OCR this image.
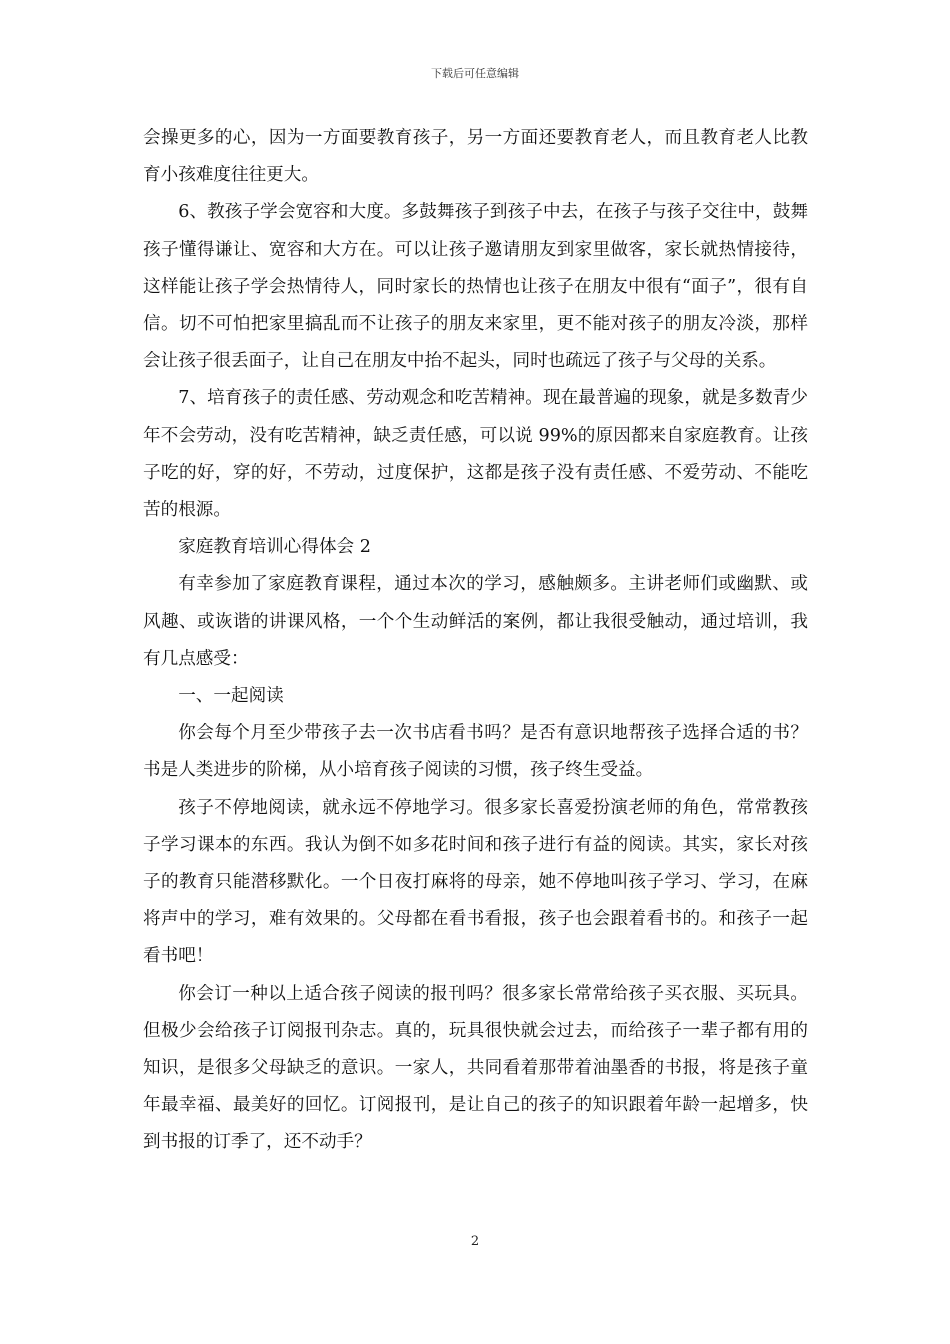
下载后可任意编辑

会操更多的心，因为一方面要教育孩子，另一方面还要教育老人，而且教育老人比教育小孩难度往往更大。

6、教孩子学会宽容和大度。多鼓舞孩子到孩子中去，在孩子与孩子交往中，鼓舞孩子懂得谦让、宽容和大方在。可以让孩子邀请朋友到家里做客，家长就热情接待，这样能让孩子学会热情待人，同时家长的热情也让孩子在朋友中很有“面子”，很有自信。切不可怕把家里搞乱而不让孩子的朋友来家里，更不能对孩子的朋友冷淡，那样会让孩子很丢面子，让自己在朋友中抬不起头，同时也疏远了孩子与父母的关系。

7、培育孩子的责任感、劳动观念和吃苦精神。现在最普遍的现象，就是多数青少年不会劳动，没有吃苦精神，缺乏责任感，可以说 99%的原因都来自家庭教育。让孩子吃的好，穿的好，不劳动，过度保护，这都是孩子没有责任感、不爱劳动、不能吃苦的根源。

家庭教育培训心得体会 2

有幸参加了家庭教育课程，通过本次的学习，感触颇多。主讲老师们或幽默、或风趣、或诙谐的讲课风格，一个个生动鲜活的案例，都让我很受触动，通过培训，我有几点感受：

一、一起阅读

你会每个月至少带孩子去一次书店看书吗？是否有意识地帮孩子选择合适的书？书是人类进步的阶梯，从小培育孩子阅读的习惯，孩子终生受益。

孩子不停地阅读，就永远不停地学习。很多家长喜爱扮演老师的角色，常常教孩子学习课本的东西。我认为倒不如多花时间和孩子进行有益的阅读。其实，家长对孩子的教育只能潜移默化。一个日夜打麻将的母亲，她不停地叫孩子学习、学习，在麻将声中的学习，难有效果的。父母都在看书看报，孩子也会跟着看书的。和孩子一起看书吧！

你会订一种以上适合孩子阅读的报刊吗？很多家长常常给孩子买衣服、买玩具。但极少会给孩子订阅报刊杂志。真的，玩具很快就会过去，而给孩子一辈子都有用的知识，是很多父母缺乏的意识。一家人，共同看着那带着油墨香的书报，将是孩子童年最幸福、最美好的回忆。订阅报刊，是让自己的孩子的知识跟着年龄一起增多，快到书报的订季了，还不动手？

2
